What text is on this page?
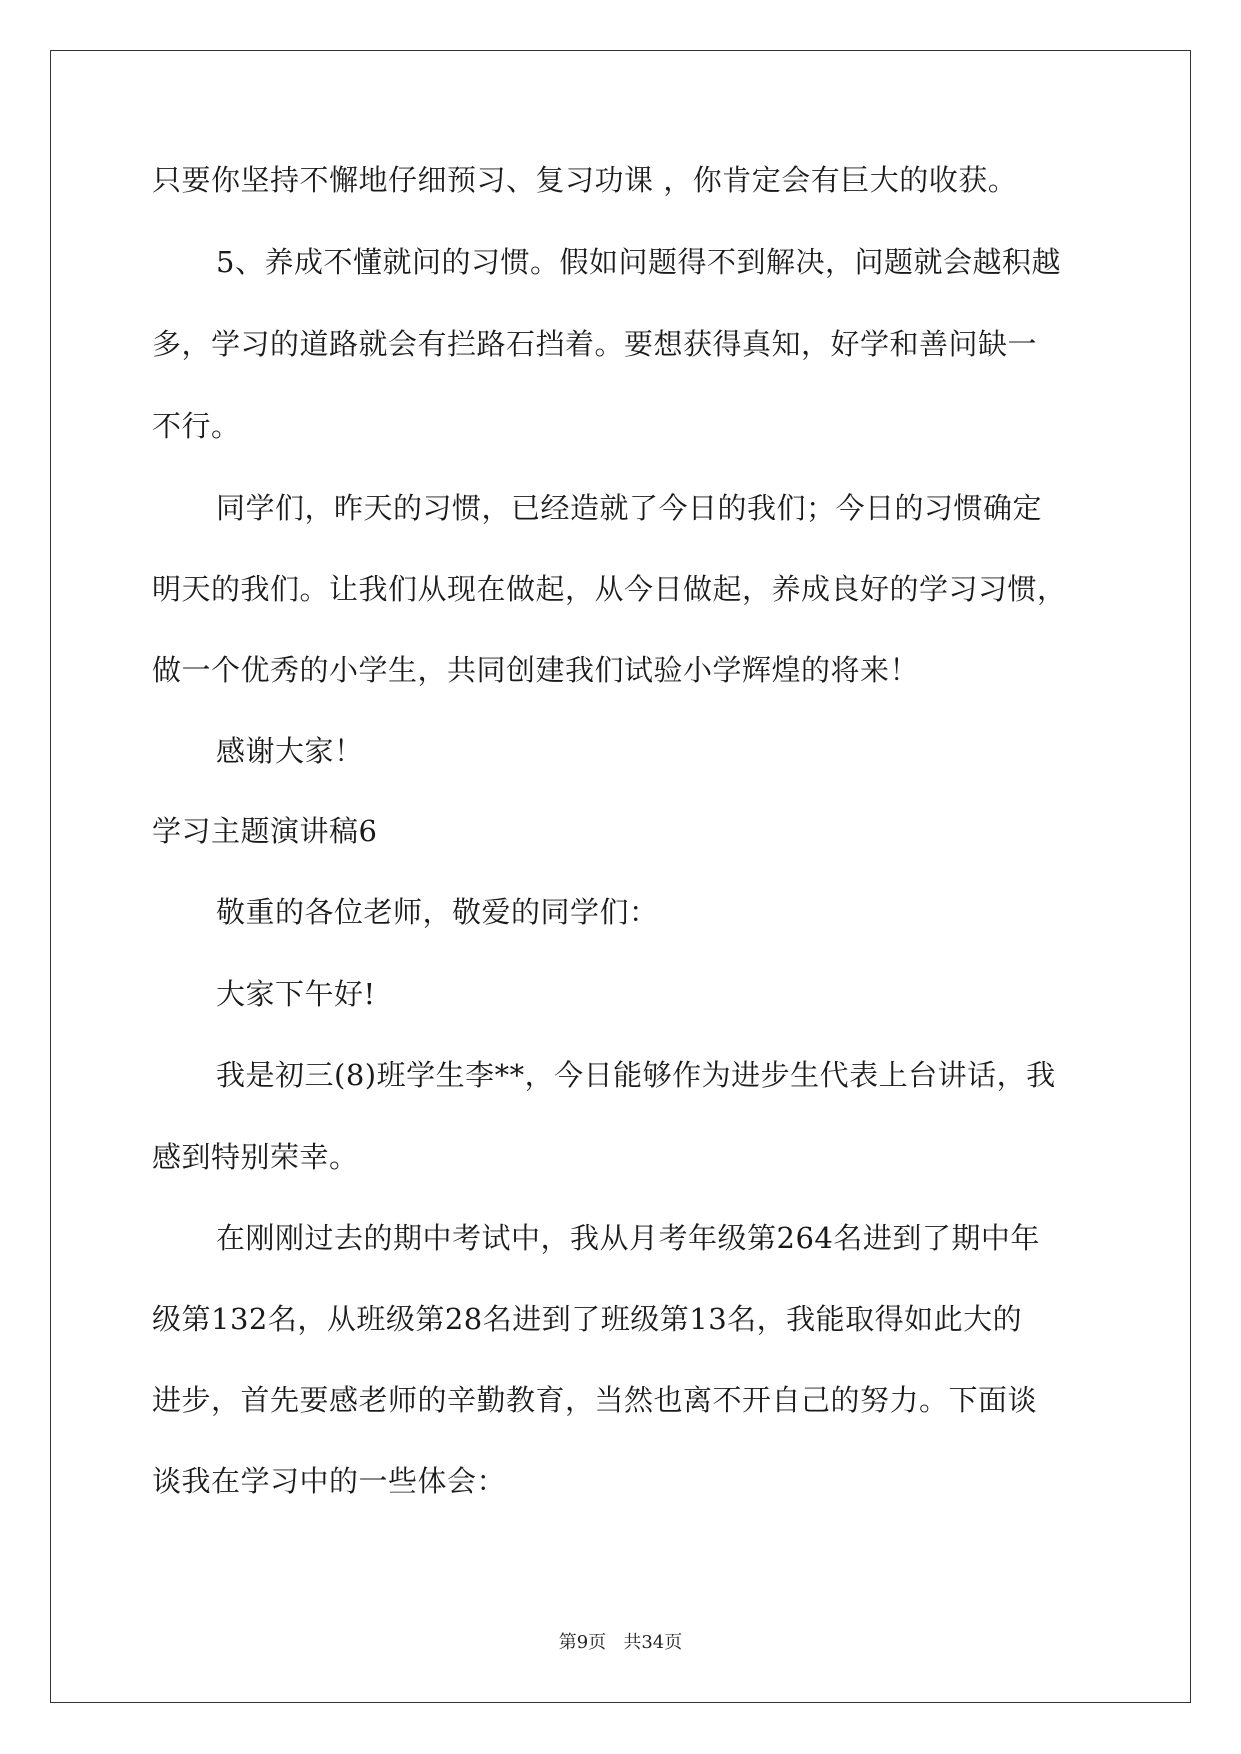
只要你坚持不懈地仔细预习、复习功课 ，你肯定会有巨大的收获。
5、养成不懂就问的习惯。假如问题得不到解决，问题就会越积越
多，学习的道路就会有拦路石挡着。要想获得真知，好学和善问缺一
不行。
同学们，昨天的习惯，已经造就了今日的我们；今日的习惯确定
明天的我们。让我们从现在做起，从今日做起，养成良好的学习习惯，
做一个优秀的小学生，共同创建我们试验小学辉煌的将来！
感谢大家！
学习主题演讲稿6
敬重的各位老师，敬爱的同学们：
大家下午好!
我是初三(8)班学生李**，今日能够作为进步生代表上台讲话，我
感到特别荣幸。
在刚刚过去的期中考试中，我从月考年级第264名进到了期中年
级第132名，从班级第28名进到了班级第13名，我能取得如此大的
进步，首先要感老师的辛勤教育，当然也离不开自己的努力。下面谈
谈我在学习中的一些体会：
第9页   共34页
